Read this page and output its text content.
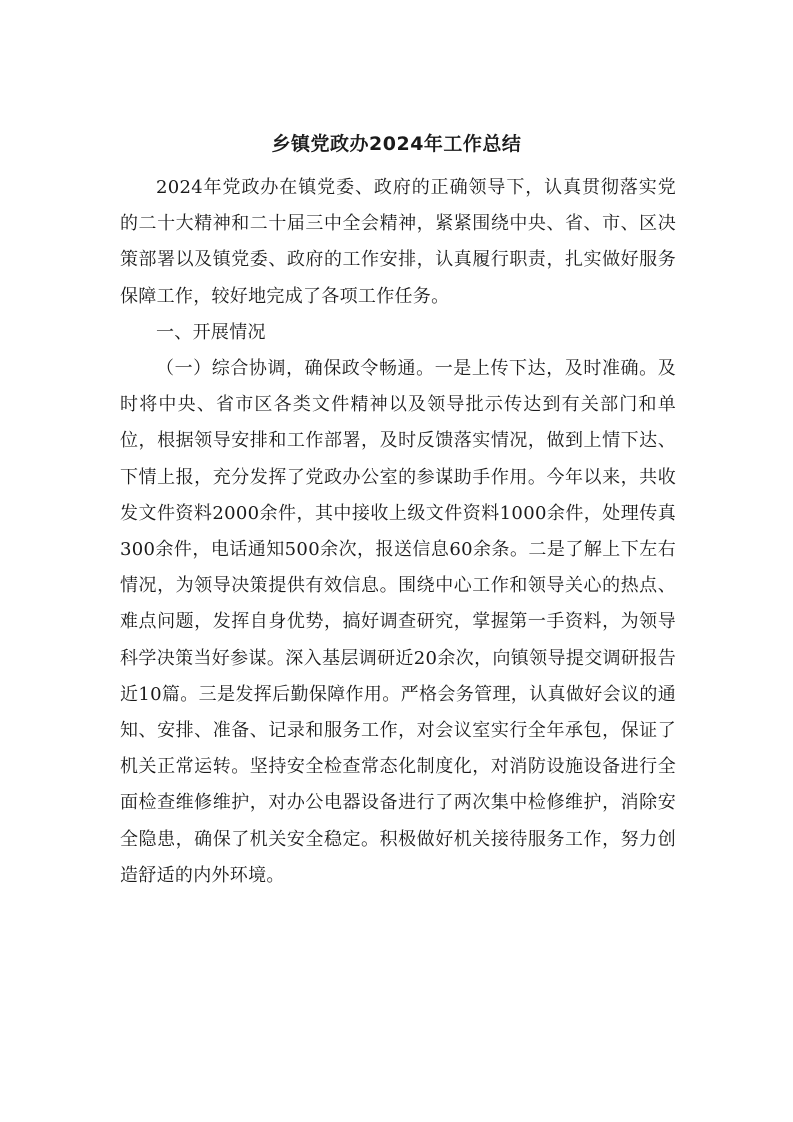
乡镇党政办2024年工作总结

2024年党政办在镇党委、政府的正确领导下，认真贯彻落实党的二十大精神和二十届三中全会精神，紧紧围绕中央、省、市、区决策部署以及镇党委、政府的工作安排，认真履行职责，扎实做好服务保障工作，较好地完成了各项工作任务。

一、开展情况

（一）综合协调，确保政令畅通。一是上传下达，及时准确。及时将中央、省市区各类文件精神以及领导批示传达到有关部门和单位，根据领导安排和工作部署，及时反馈落实情况，做到上情下达、下情上报，充分发挥了党政办公室的参谋助手作用。今年以来，共收发文件资料2000余件，其中接收上级文件资料1000余件，处理传真300余件，电话通知500余次，报送信息60余条。二是了解上下左右情况，为领导决策提供有效信息。围绕中心工作和领导关心的热点、难点问题，发挥自身优势，搞好调查研究，掌握第一手资料，为领导科学决策当好参谋。深入基层调研近20余次，向镇领导提交调研报告近10篇。三是发挥后勤保障作用。严格会务管理，认真做好会议的通知、安排、准备、记录和服务工作，对会议室实行全年承包，保证了机关正常运转。坚持安全检查常态化制度化，对消防设施设备进行全面检查维修维护，对办公电器设备进行了两次集中检修维护，消除安全隐患，确保了机关安全稳定。积极做好机关接待服务工作，努力创造舒适的内外环境。
